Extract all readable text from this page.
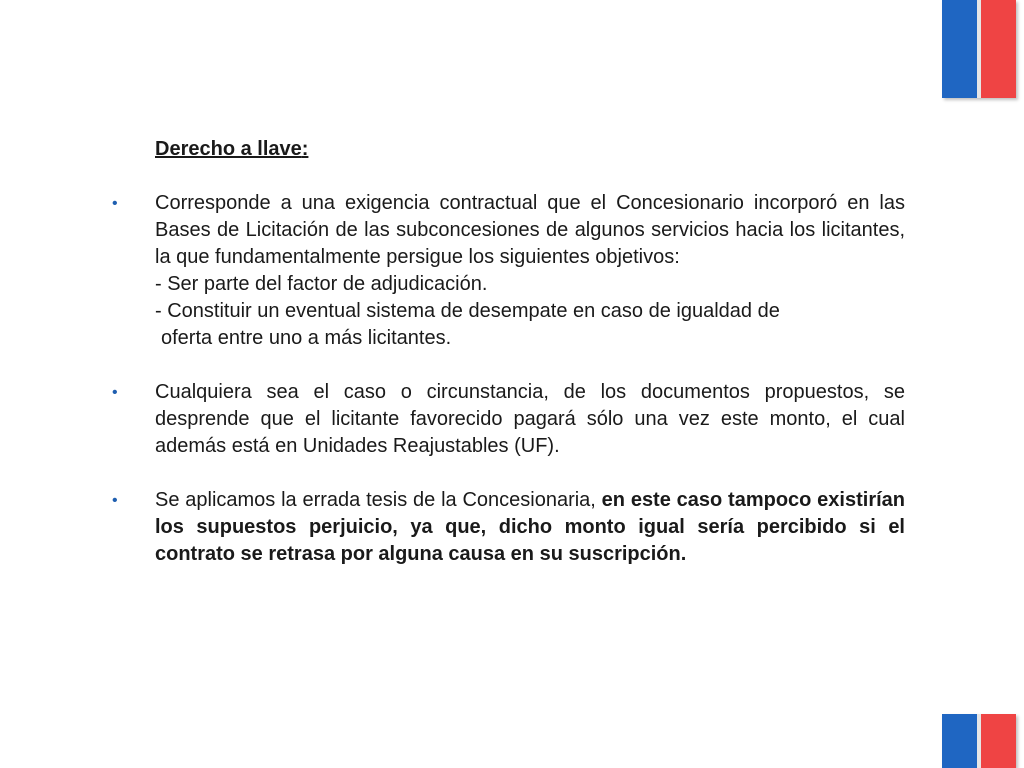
Derecho a llave:

• Corresponde a una exigencia contractual que el Concesionario incorporó en las Bases de Licitación de las subconcesiones de algunos servicios hacia los licitantes, la que fundamentalmente persigue los siguientes objetivos:
- Ser parte del factor de adjudicación.
- Constituir un eventual sistema de desempate en caso de igualdad de
oferta entre uno a más licitantes.
• Cualquiera sea el caso o circunstancia, de los documentos propuestos, se desprende que el licitante favorecido pagará sólo una vez este monto, el cual además está en Unidades Reajustables (UF).
• Se aplicamos la errada tesis de la Concesionaria, en este caso tampoco existirían los supuestos perjuicio, ya que, dicho monto igual sería percibido si el contrato se retrasa por alguna causa en su suscripción.
